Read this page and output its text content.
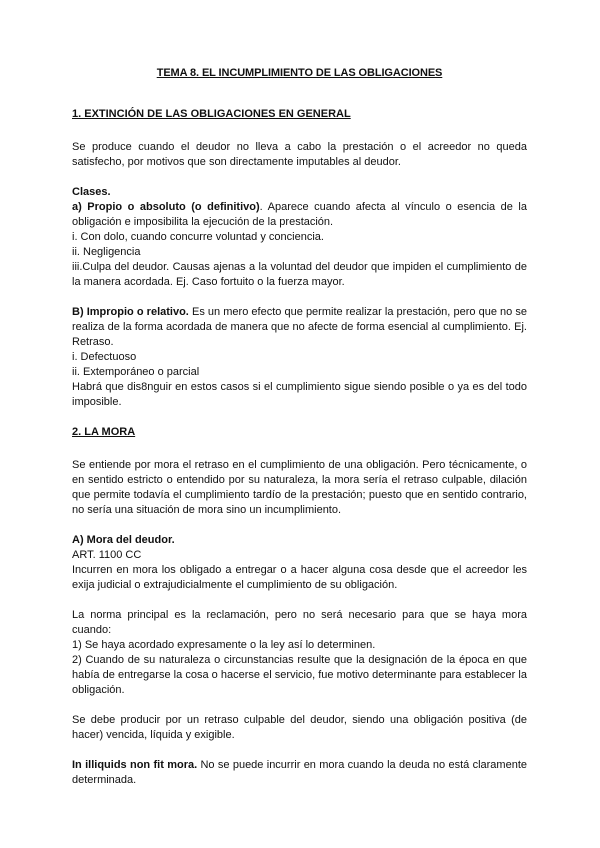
TEMA 8. EL INCUMPLIMIENTO DE LAS OBLIGACIONES
1. EXTINCIÓN DE LAS OBLIGACIONES EN GENERAL

Se produce cuando el deudor no lleva a cabo la prestación o el acreedor no queda satisfecho, por motivos que son directamente imputables al deudor.

Clases.

a) Propio o absoluto (o definitivo). Aparece cuando afecta al vínculo o esencia de la obligación e imposibilita la ejecución de la prestación.

i. Con dolo, cuando concurre voluntad y conciencia.

ii. Negligencia

iii.Culpa del deudor. Causas ajenas a la voluntad del deudor que impiden el cumplimiento de la manera acordada. Ej. Caso fortuito o la fuerza mayor.

B) Impropio o relativo. Es un mero efecto que permite realizar la prestación, pero que no se realiza de la forma acordada de manera que no afecte de forma esencial al cumplimiento. Ej. Retraso.

i. Defectuoso

ii. Extemporáneo o parcial

Habrá que dis8nguir en estos casos si el cumplimiento sigue siendo posible o ya es del todo imposible.

2. LA MORA

Se entiende por mora el retraso en el cumplimiento de una obligación. Pero técnicamente, o en sentido estricto o entendido por su naturaleza, la mora sería el retraso culpable, dilación que permite todavía el cumplimiento tardío de la prestación; puesto que en sentido contrario, no sería una situación de mora sino un incumplimiento.

A) Mora del deudor.

ART. 1100 CC

Incurren en mora los obligado a entregar o a hacer alguna cosa desde que el acreedor les exija judicial o extrajudicialmente el cumplimiento de su obligación.

La norma principal es la reclamación, pero no será necesario para que se haya mora cuando:

1) Se haya acordado expresamente o la ley así lo determinen.

2) Cuando de su naturaleza o circunstancias resulte que la designación de la época en que había de entregarse la cosa o hacerse el servicio, fue motivo determinante para establecer la obligación.

Se debe producir por un retraso culpable del deudor, siendo una obligación positiva (de hacer) vencida, líquida y exigible.

In illiquids non fit mora. No se puede incurrir en mora cuando la deuda no está claramente determinada.
